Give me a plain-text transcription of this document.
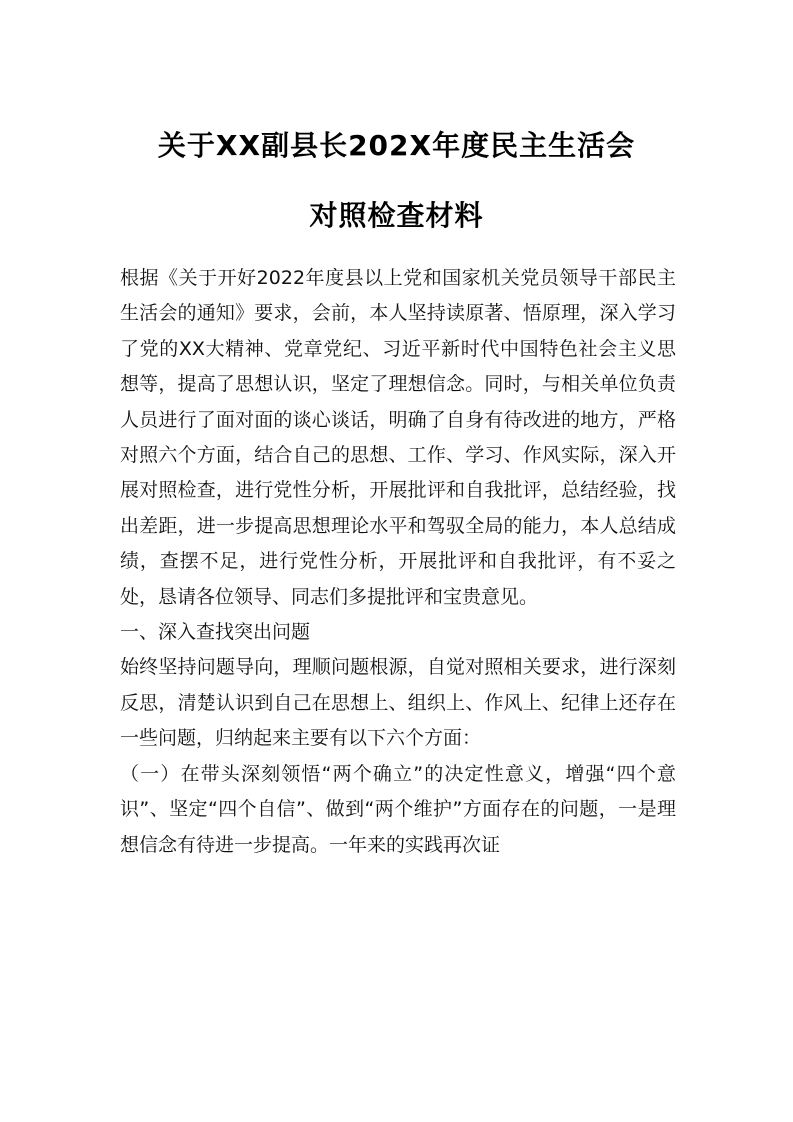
关于XX副县长202X年度民主生活会
对照检查材料

根据《关于开好2022年度县以上党和国家机关党员领导干部民主生活会的通知》要求，会前，本人坚持读原著、悟原理，深入学习了党的XX大精神、党章党纪、习近平新时代中国特色社会主义思想等，提高了思想认识，坚定了理想信念。同时，与相关单位负责人员进行了面对面的谈心谈话，明确了自身有待改进的地方，严格对照六个方面，结合自己的思想、工作、学习、作风实际，深入开展对照检查，进行党性分析，开展批评和自我批评，总结经验，找出差距，进一步提高思想理论水平和驾驭全局的能力，本人总结成绩，查摆不足，进行党性分析，开展批评和自我批评，有不妥之处，恳请各位领导、同志们多提批评和宝贵意见。

一、深入查找突出问题

始终坚持问题导向，理顺问题根源，自觉对照相关要求，进行深刻反思，清楚认识到自己在思想上、组织上、作风上、纪律上还存在一些问题，归纳起来主要有以下六个方面：

（一）在带头深刻领悟“两个确立”的决定性意义，增强“四个意识”、坚定“四个自信”、做到“两个维护”方面存在的问题，一是理想信念有待进一步提高。一年来的实践再次证
